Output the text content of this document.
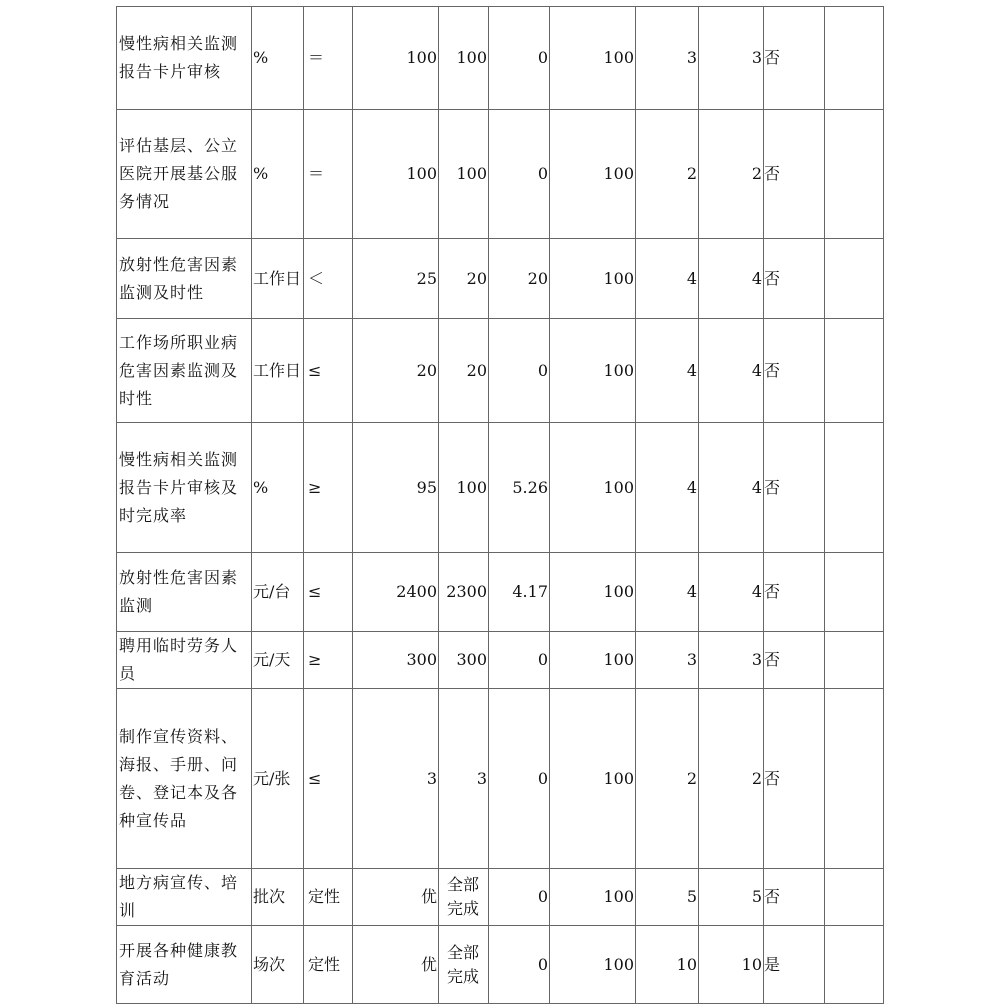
慢性病相关监测报告卡片审核	%	＝	100	100	0	100	3	3	否	
评估基层、公立医院开展基公服务情况	%	＝	100	100	0	100	2	2	否	
放射性危害因素监测及时性	工作日	＜	25	20	20	100	4	4	否	
工作场所职业病危害因素监测及时性	工作日	≤	20	20	0	100	4	4	否	
慢性病相关监测报告卡片审核及时完成率	%	≥	95	100	5.26	100	4	4	否	
放射性危害因素监测	元/台	≤	2400	2300	4.17	100	4	4	否	
聘用临时劳务人员	元/天	≥	300	300	0	100	3	3	否	
制作宣传资料、海报、手册、问卷、登记本及各种宣传品	元/张	≤	3	3	0	100	2	2	否	
地方病宣传、培训	批次	定性	优	全部完成	0	100	5	5	否	
开展各种健康教育活动	场次	定性	优	全部完成	0	100	10	10	是	
